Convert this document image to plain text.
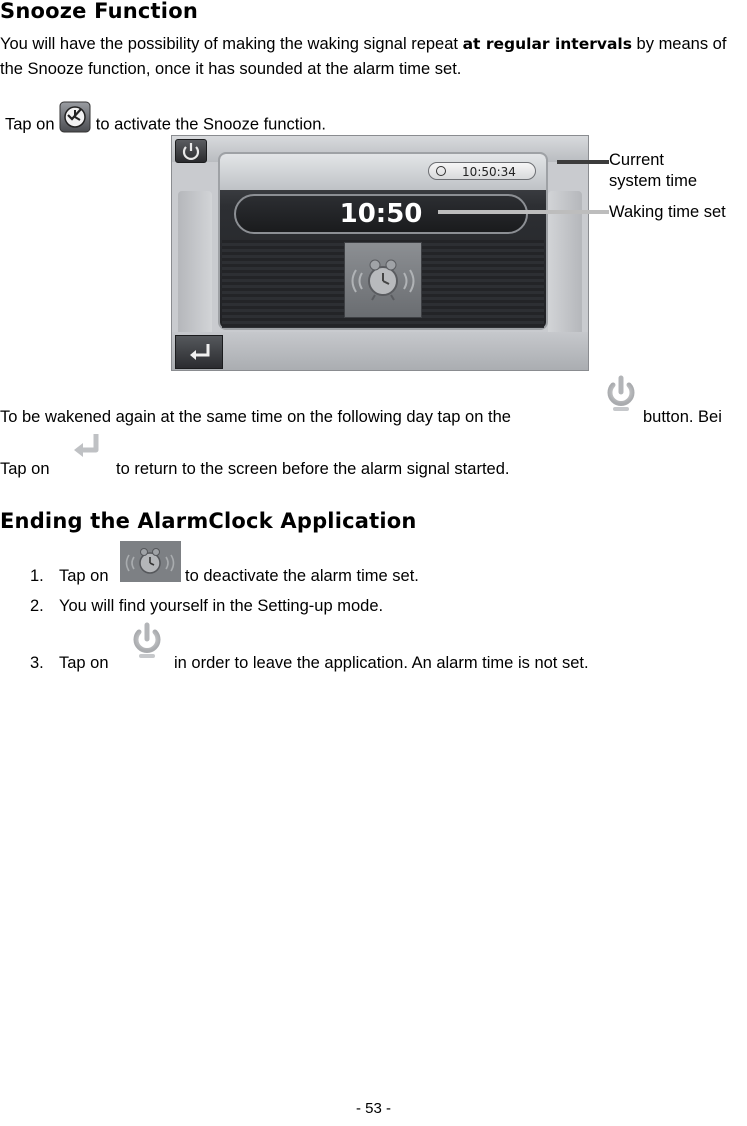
Snooze Function

You will have the possibility of making the waking signal repeat at regular intervals by means of the Snooze function, once it has sounded at the alarm time set.

Tap on to activate the Snooze function.

10:50:34
10:50
Current
system time
Waking time set

To be wakened again at the same time on the following day tap on the	button. Bei

Tap on	to return to the screen before the alarm signal started.

Ending the AlarmClock Application
1. Tap on	to deactivate the alarm time set.
2. You will find yourself in the Setting-up mode.
3. Tap on	in order to leave the application. An alarm time is not set.
- 53 -
